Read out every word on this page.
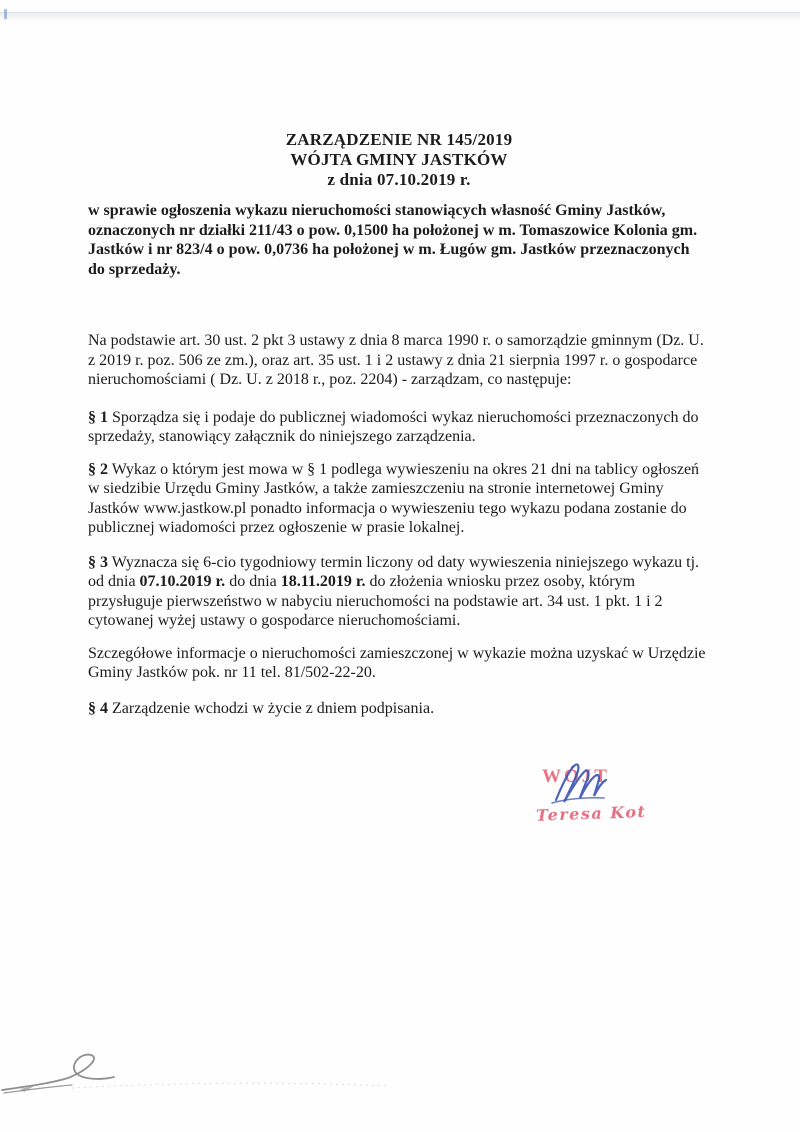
ZARZĄDZENIE NR 145/2019
WÓJTA GMINY JASTKÓW
z dnia 07.10.2019 r.

w sprawie ogłoszenia wykazu nieruchomości stanowiących własność Gminy Jastków, oznaczonych nr działki 211/43 o pow. 0,1500 ha położonej w m. Tomaszowice Kolonia gm. Jastków i nr 823/4 o pow. 0,0736 ha położonej w m. Ługów gm. Jastków przeznaczonych do sprzedaży.

Na podstawie art. 30 ust. 2 pkt 3 ustawy z dnia 8 marca 1990 r. o samorządzie gminnym (Dz. U. z 2019 r. poz. 506 ze zm.), oraz art. 35 ust. 1 i 2 ustawy z dnia 21 sierpnia 1997 r. o gospodarce nieruchomościami ( Dz. U. z 2018 r., poz. 2204) - zarządzam, co następuje:

§ 1 Sporządza się i podaje do publicznej wiadomości wykaz nieruchomości przeznaczonych do sprzedaży, stanowiący załącznik do niniejszego zarządzenia.

§ 2 Wykaz o którym jest mowa w § 1 podlega wywieszeniu na okres 21 dni na tablicy ogłoszeń w siedzibie Urzędu Gminy Jastków, a także zamieszczeniu na stronie internetowej Gminy Jastków www.jastkow.pl ponadto informacja o wywieszeniu tego wykazu podana zostanie do publicznej wiadomości przez ogłoszenie w prasie lokalnej.

§ 3 Wyznacza się 6-cio tygodniowy termin liczony od daty wywieszenia niniejszego wykazu tj. od dnia 07.10.2019 r. do dnia 18.11.2019 r. do złożenia wniosku przez osoby, którym przysługuje pierwszeństwo w nabyciu nieruchomości na podstawie art. 34 ust. 1 pkt. 1 i 2 cytowanej wyżej ustawy o gospodarce nieruchomościami.

Szczegółowe informacje o nieruchomości zamieszczonej w wykazie można uzyskać w Urzędzie Gminy Jastków pok. nr 11 tel. 81/502-22-20.

§ 4 Zarządzenie wchodzi w życie z dniem podpisania.

WÓJT
Teresa Kot
